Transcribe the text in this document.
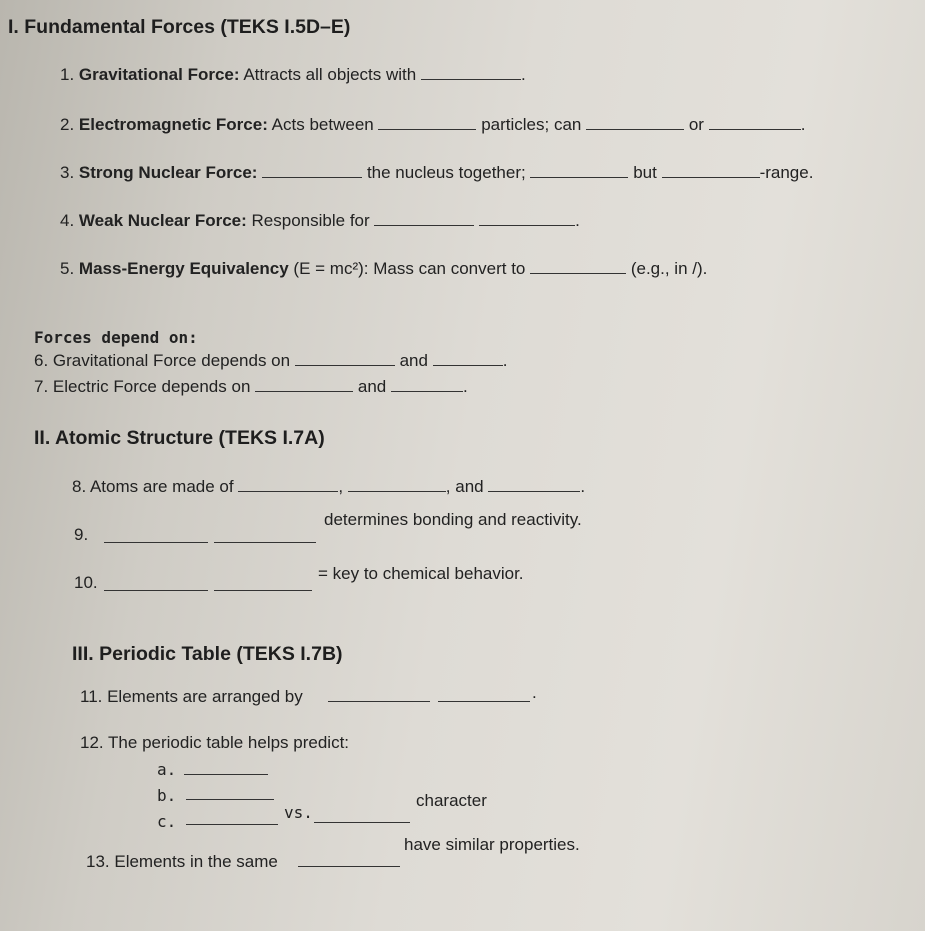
I. Fundamental Forces (TEKS I.5D–E)
1. Gravitational Force: Attracts all objects with	.
2. Electromagnetic Force: Acts between	particles; can	or	.
3. Strong Nuclear Force:	the nucleus together;	but	-range.
4. Weak Nuclear Force: Responsible for	.
5. Mass-Energy Equivalency (E = mc²): Mass can convert to	(e.g., in /).
Forces depend on:
6. Gravitational Force depends on	and	.
7. Electric Force depends on	and	.
II. Atomic Structure (TEKS I.7A)
8. Atoms are made of	,	, and	.
9.
determines bonding and reactivity.
10.	= key to chemical behavior.
III. Periodic Table (TEKS I.7B)
11. Elements are arranged by	.
12. The periodic table helps predict:
a.
b.
c.	vs.
character
13. Elements in the same
have similar properties.
